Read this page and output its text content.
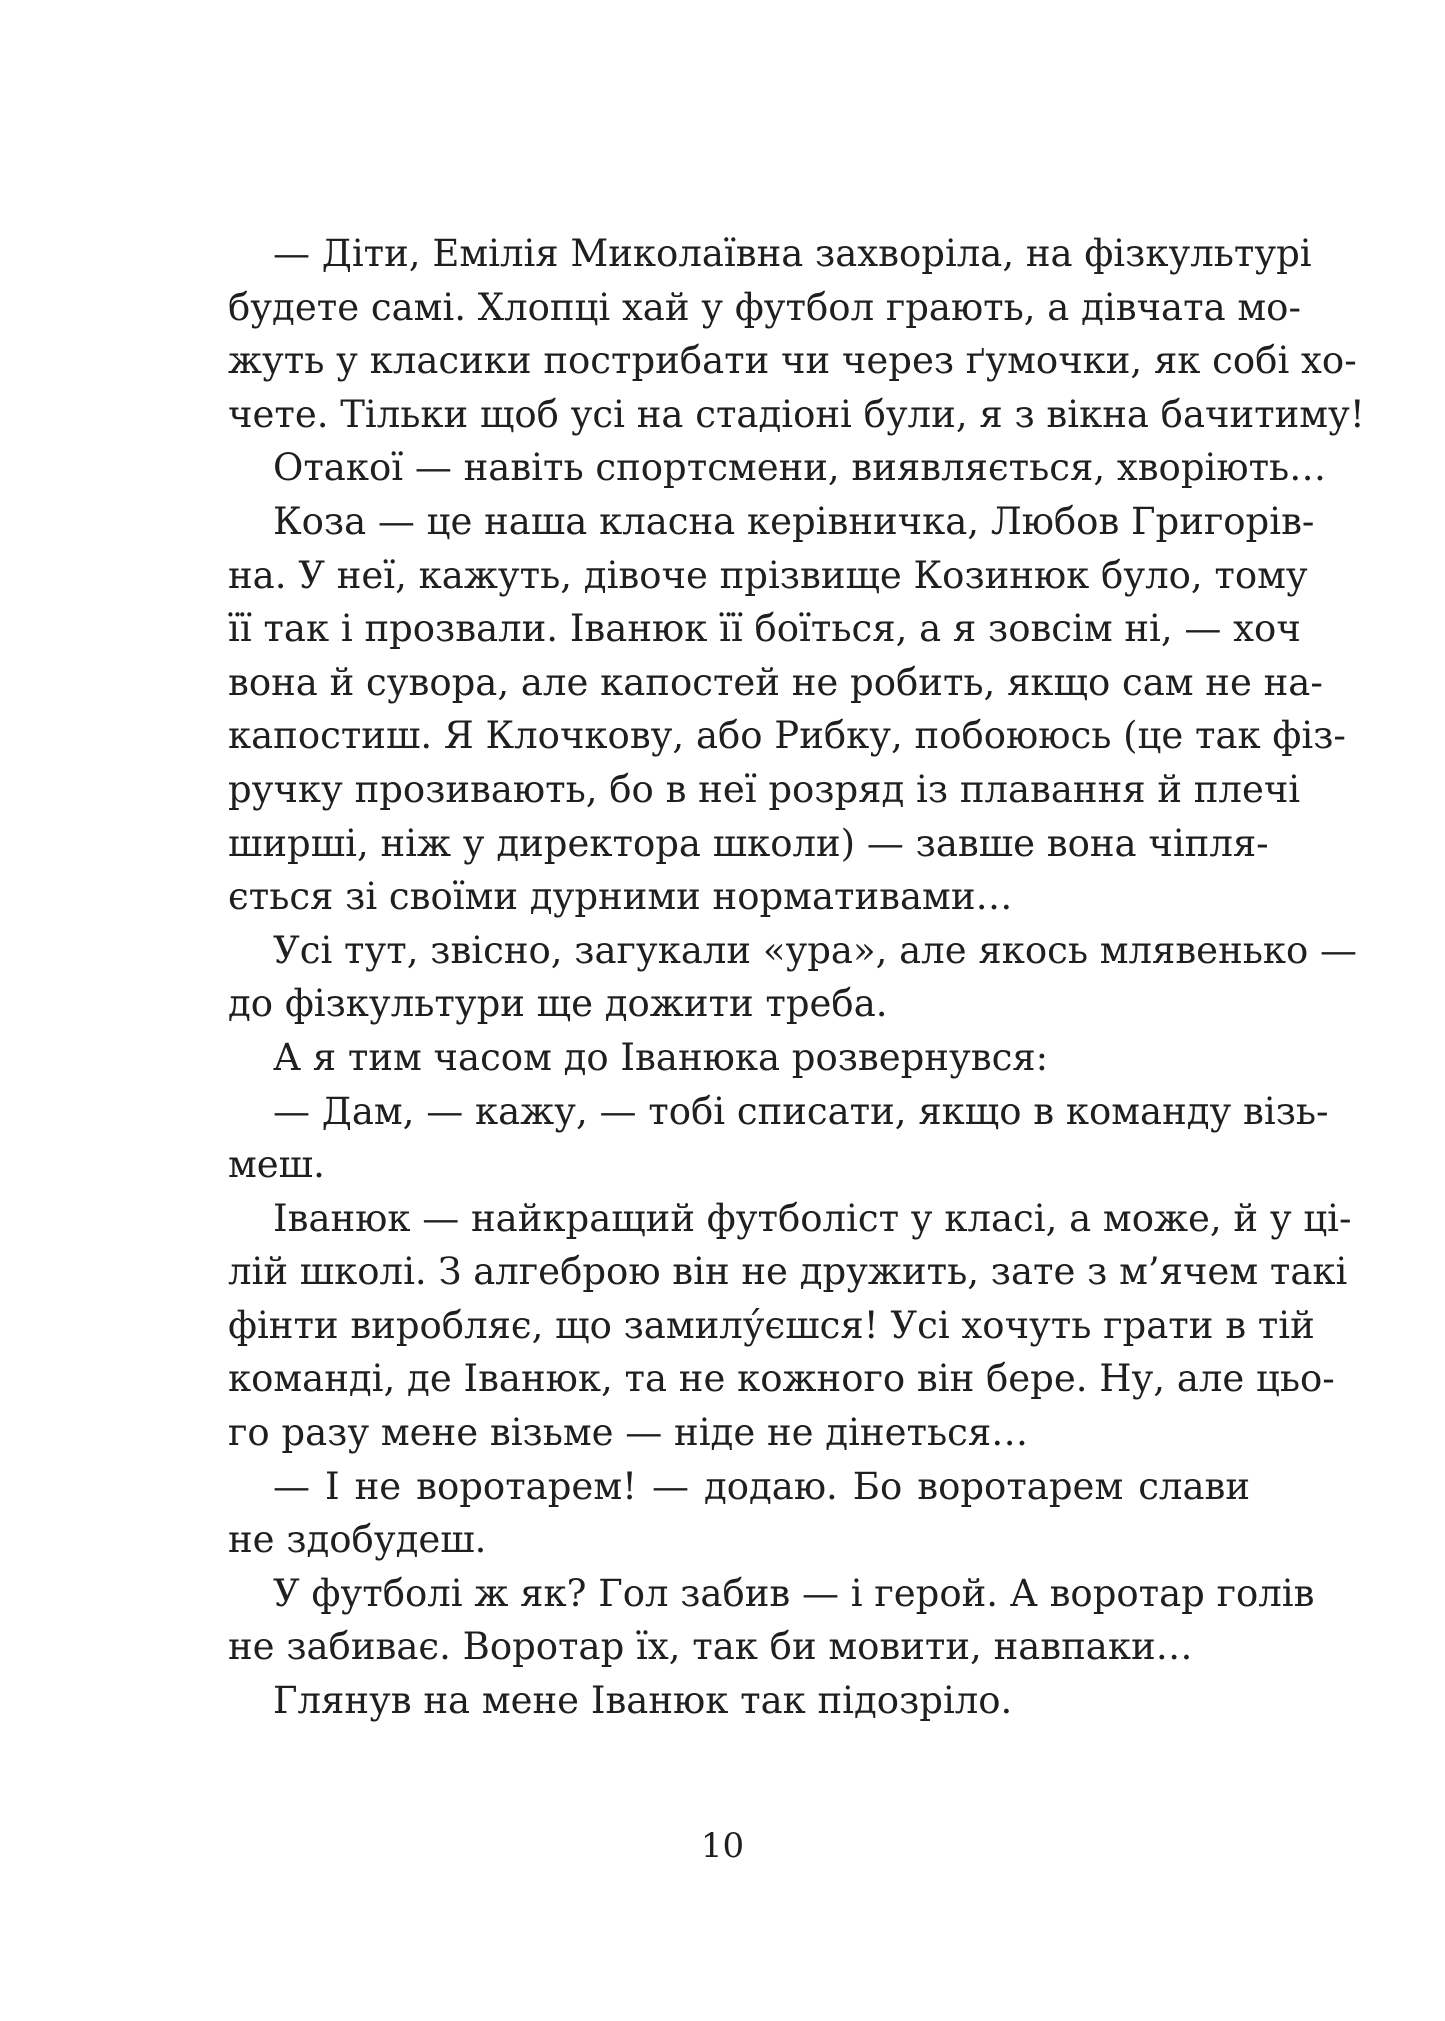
— Діти, Емілія Миколаївна захворіла, на фізкультурі
будете самі. Хлопці хай у футбол грають, а дівчата мо-
жуть у класики пострибати чи через ґумочки, як собі хо-
чете. Тільки щоб усі на стадіоні були, я з вікна бачитиму!
Отакої — навіть спортсмени, виявляється, хворіють…
Коза — це наша класна керівничка, Любов Григорів-
на. У неї, кажуть, дівоче прізвище Козинюк було, тому
її так і прозвали. Іванюк її боїться, а я зовсім ні, — хоч
вона й сувора, але капостей не робить, якщо сам не на-
капостиш. Я Клочкову, або Рибку, побоююсь (це так фіз-
ручку прозивають, бо в неї розряд із плавання й плечі
ширші, ніж у директора школи) — завше вона чіпля-
ється зі своїми дурними нормативами…
Усі тут, звісно, загукали «ура», але якось млявенько —
до фізкультури ще дожити треба.
А я тим часом до Іванюка розвернувся:
— Дам, — кажу, — тобі списати, якщо в команду візь-
меш.
Іванюк — найкращий футболіст у класі, а може, й у ці-
лій школі. З алгеброю він не дружить, зате з м’ячем такі
фінти виробляє, що замилу́єшся! Усі хочуть грати в тій
команді, де Іванюк, та не кожного він бере. Ну, але цьо-
го разу мене візьме — ніде не дінеться…
— І не воротарем! — додаю. Бо воротарем слави
не здобудеш.
У футболі ж як? Гол забив — і герой. А воротар голів
не забиває. Воротар їх, так би мовити, навпаки…
Глянув на мене Іванюк так підозріло.
10
